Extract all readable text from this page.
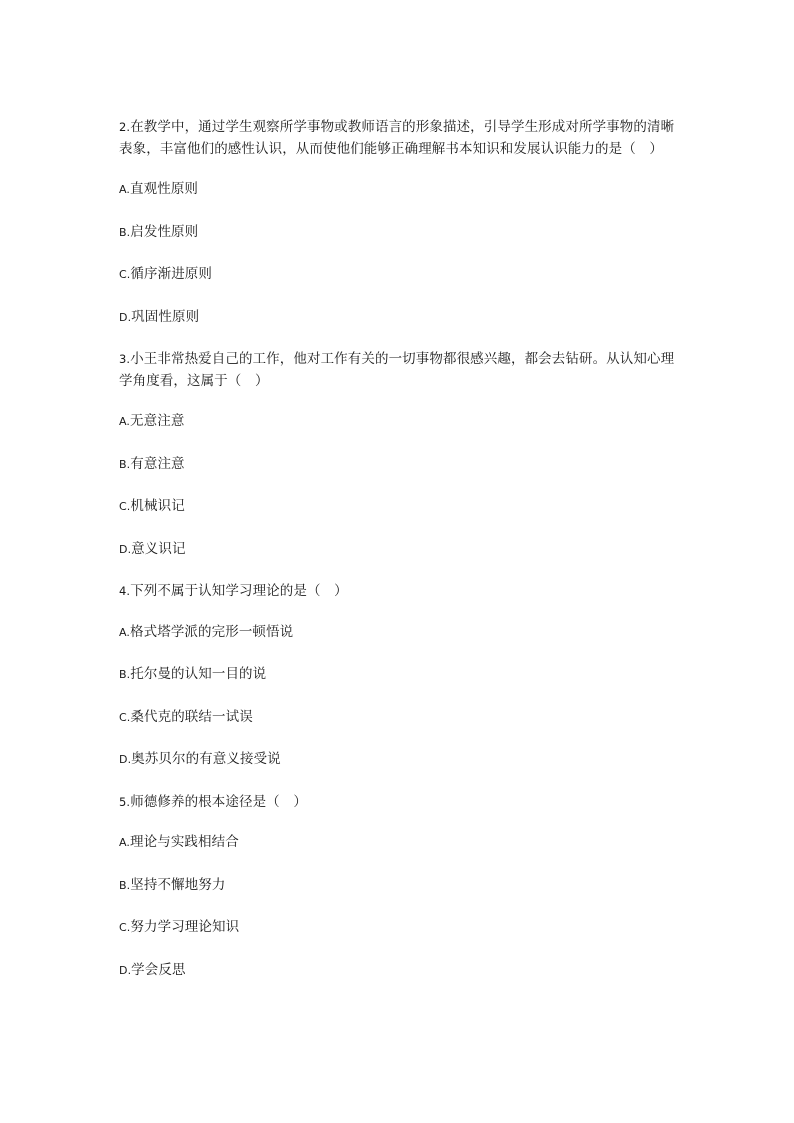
2.在教学中，通过学生观察所学事物或教师语言的形象描述，引导学生形成对所学事物的清晰表象，丰富他们的感性认识，从而使他们能够正确理解书本知识和发展认识能力的是（　）
A.直观性原则
B.启发性原则
C.循序渐进原则
D.巩固性原则
3.小王非常热爱自己的工作，他对工作有关的一切事物都很感兴趣，都会去钻研。从认知心理学角度看，这属于（　）
A.无意注意
B.有意注意
C.机械识记
D.意义识记
4.下列不属于认知学习理论的是（　）
A.格式塔学派的完形一顿悟说
B.托尔曼的认知一目的说
C.桑代克的联结一试误
D.奥苏贝尔的有意义接受说
5.师德修养的根本途径是（　）
A.理论与实践相结合
B.坚持不懈地努力
C.努力学习理论知识
D.学会反思
